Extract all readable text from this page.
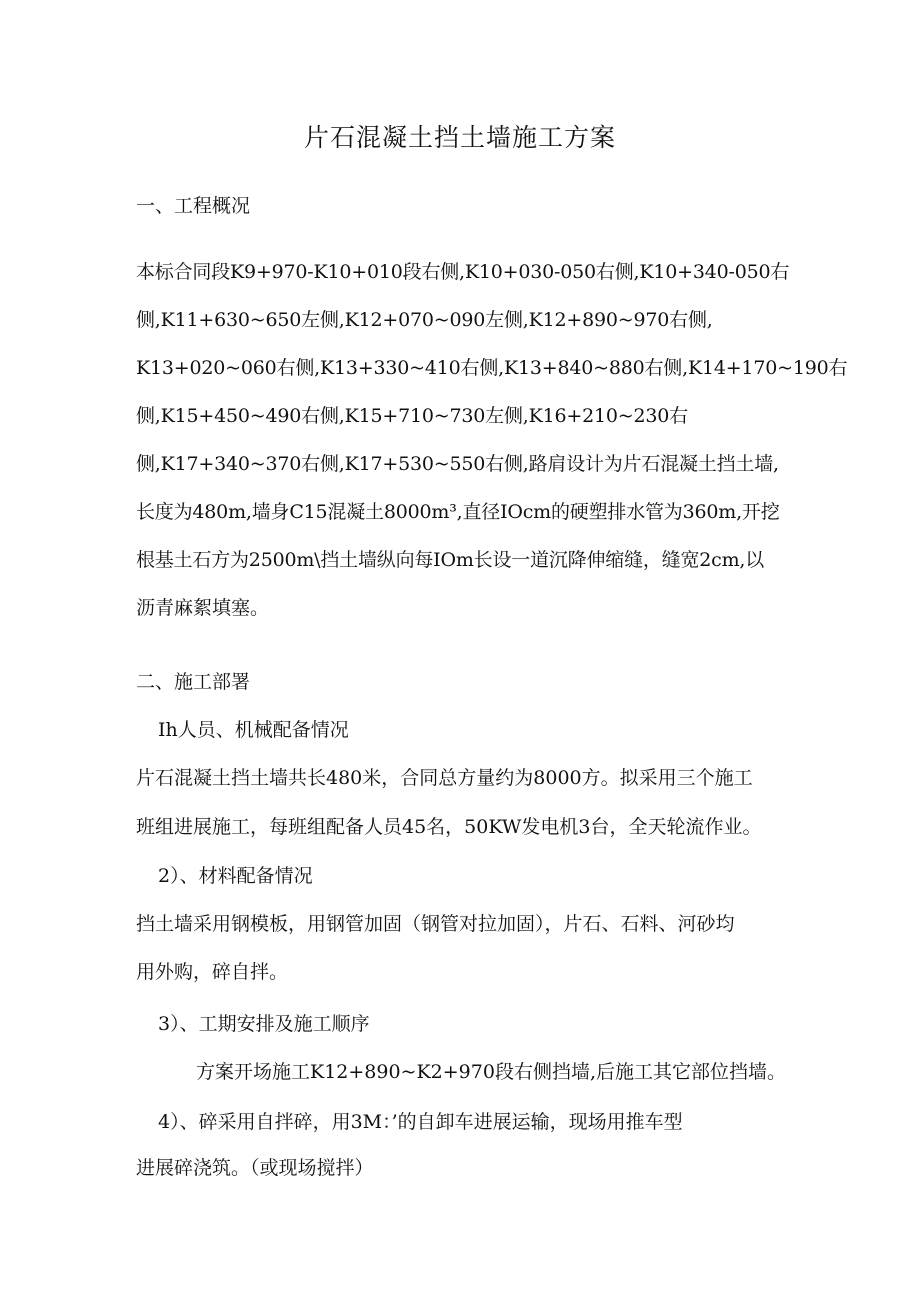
片石混凝土挡土墙施工方案
一、工程概况
本标合同段K9+970-K10+010段右侧,K10+030-050右侧,K10+340-050右
侧,K11+630~650左侧,K12+070~090左侧,K12+890~970右侧,
K13+020~060右侧,K13+330~410右侧,K13+840~880右侧,K14+170~190右
侧,K15+450~490右侧,K15+710~730左侧,K16+210~230右
侧,K17+340~370右侧,K17+530~550右侧,路肩设计为片石混凝土挡土墙,
长度为480m,墙身C15混凝土8000m³,直径IOcm的硬塑排水管为360m,开挖
根基土石方为2500m\挡土墙纵向每IOm长设一道沉降伸缩缝，缝宽2cm,以
沥青麻絮填塞。
二、施工部署
Ih人员、机械配备情况
片石混凝土挡土墙共长480米，合同总方量约为8000方。拟采用三个施工
班组进展施工，每班组配备人员45名，50KW发电机3台，全天轮流作业。
2）、材料配备情况
挡土墙采用钢模板，用钢管加固（钢管对拉加固），片石、石料、河砂均
用外购，碎自拌。
3）、工期安排及施工顺序
方案开场施工K12+890~K2+970段右侧挡墙,后施工其它部位挡墙。
4）、碎采用自拌碎，用3M：’的自卸车进展运输，现场用推车型
进展碎浇筑。（或现场搅拌）
